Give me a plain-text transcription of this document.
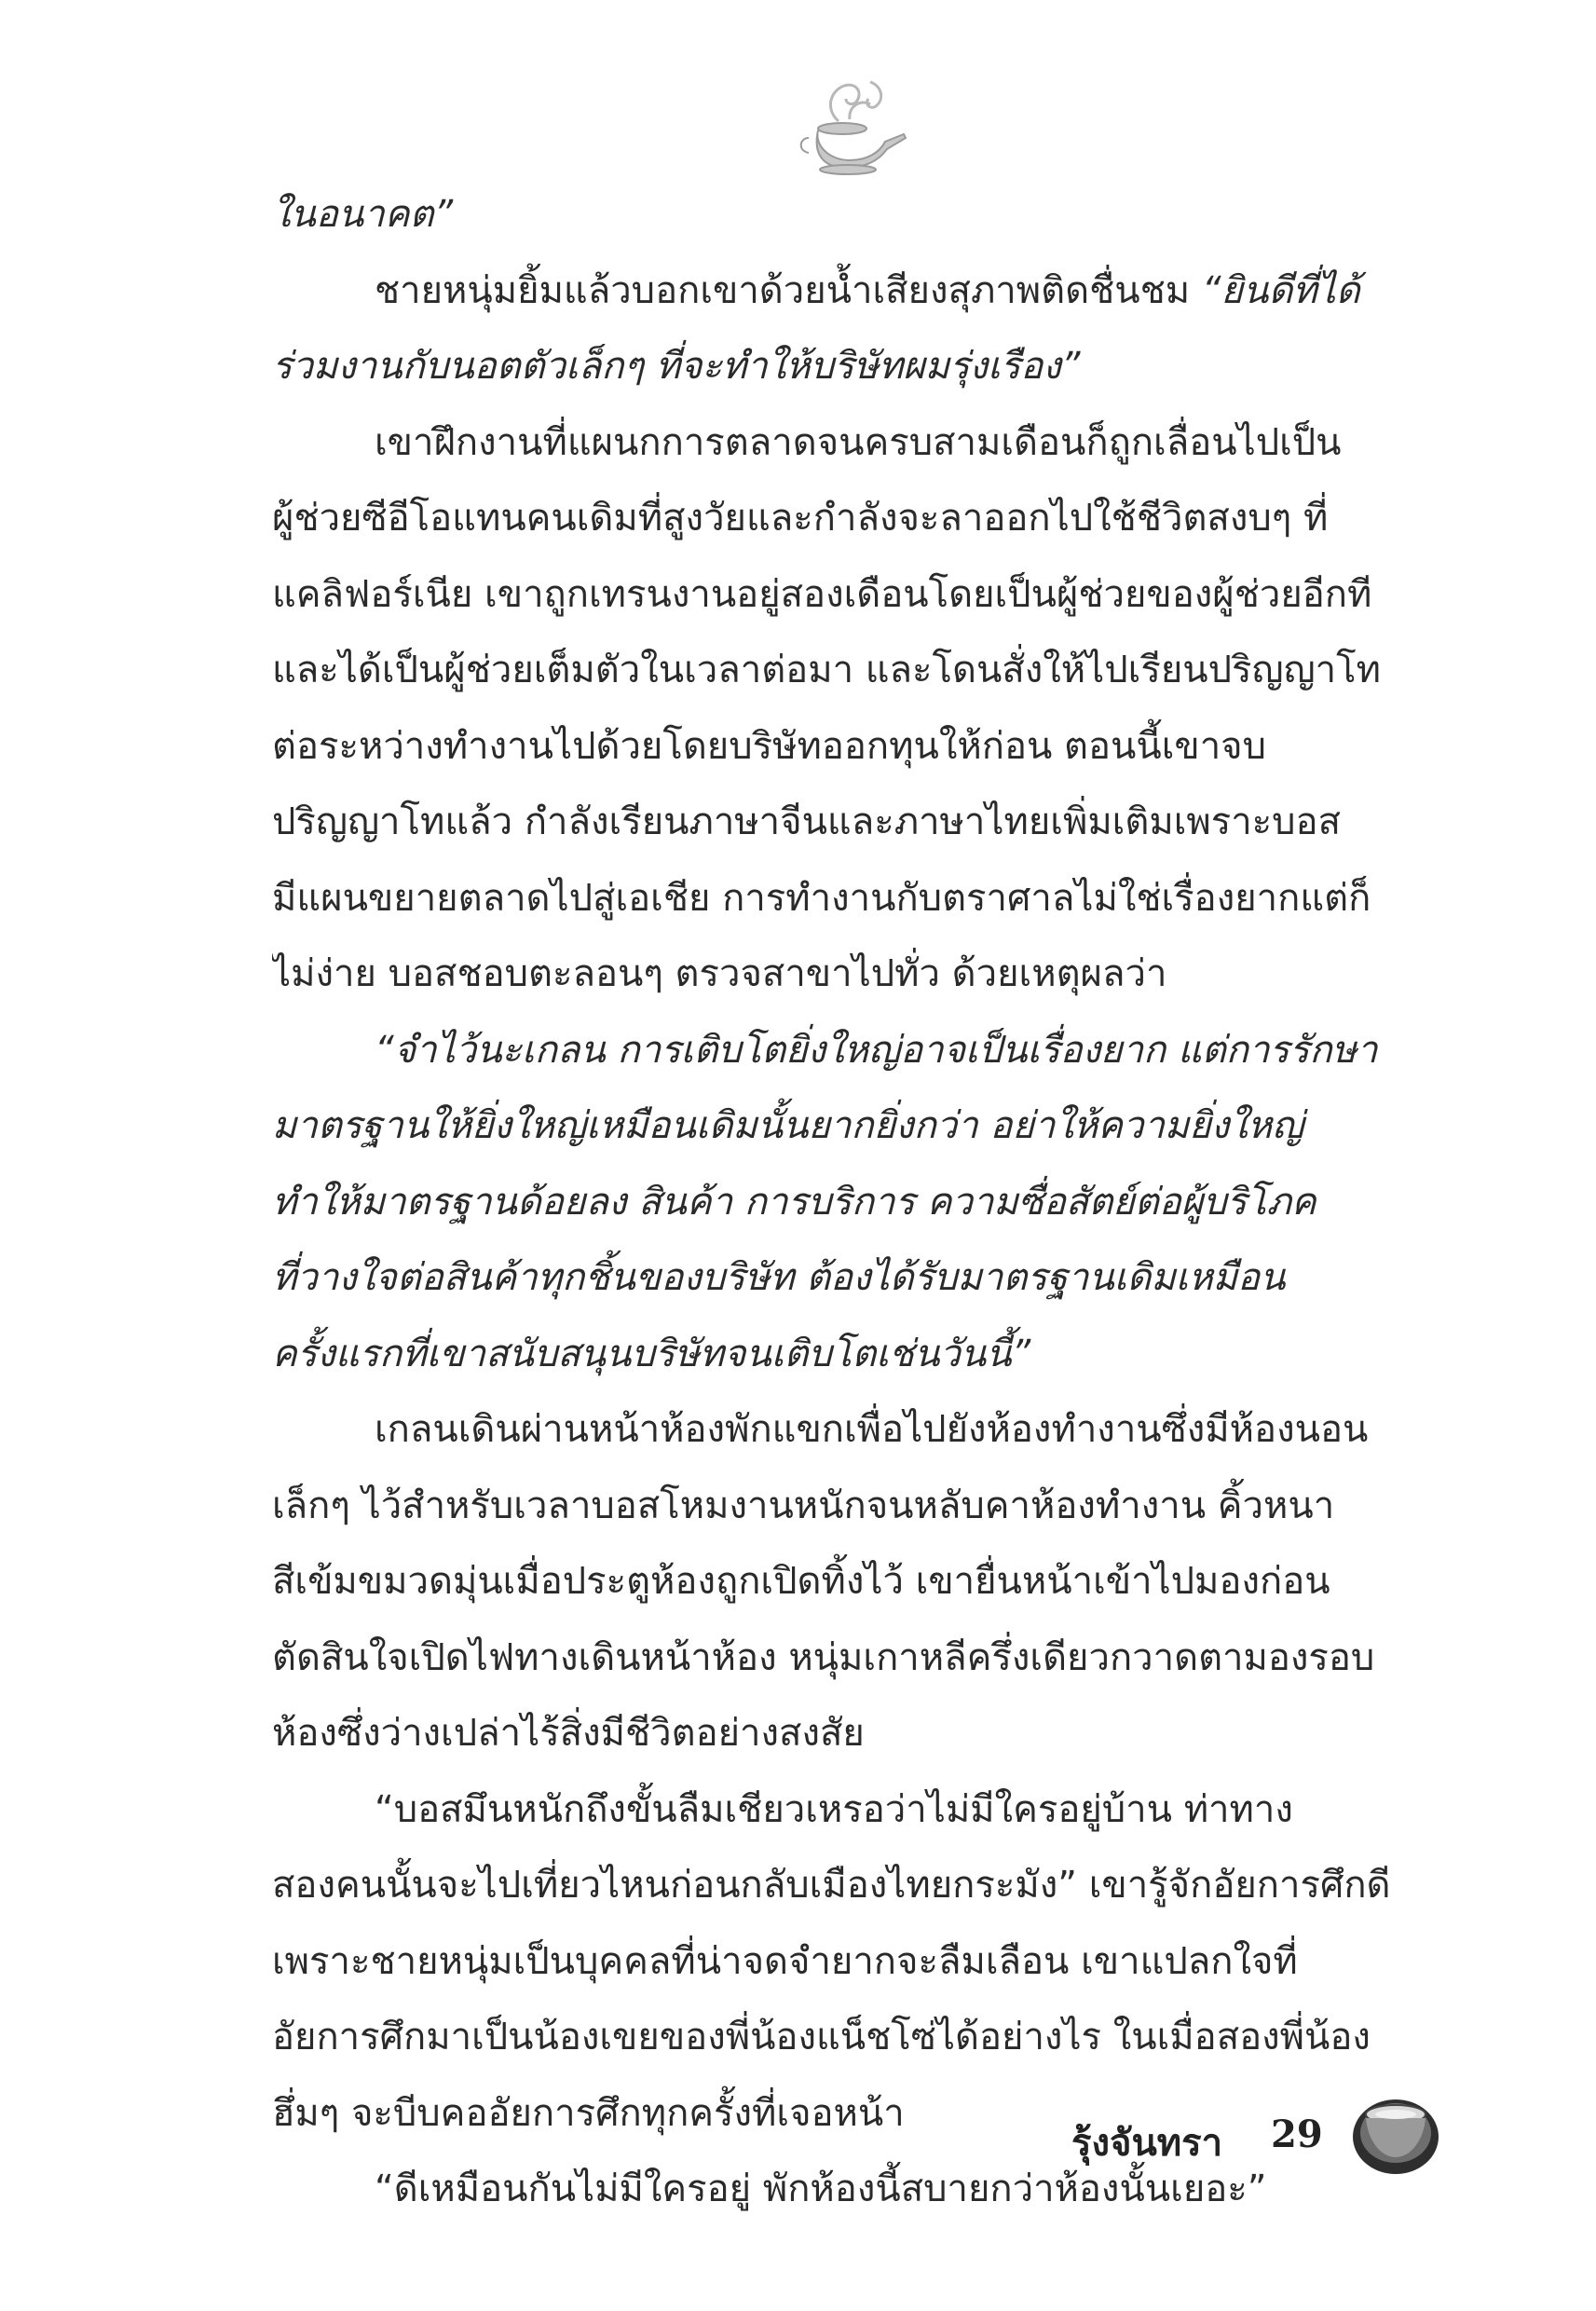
ในอนาคต”
ชายหนุ่มยิ้มแล้วบอกเขาด้วยน้ำเสียงสุภาพติดชื่นชม “ยินดีที่ได้
ร่วมงานกับนอตตัวเล็กๆ ที่จะทำให้บริษัทผมรุ่งเรือง”
เขาฝึกงานที่แผนกการตลาดจนครบสามเดือนก็ถูกเลื่อนไปเป็น
ผู้ช่วยซีอีโอแทนคนเดิมที่สูงวัยและกำลังจะลาออกไปใช้ชีวิตสงบๆ ที่
แคลิฟอร์เนีย เขาถูกเทรนงานอยู่สองเดือนโดยเป็นผู้ช่วยของผู้ช่วยอีกที
และได้เป็นผู้ช่วยเต็มตัวในเวลาต่อมา และโดนสั่งให้ไปเรียนปริญญาโท
ต่อระหว่างทำงานไปด้วยโดยบริษัทออกทุนให้ก่อน ตอนนี้เขาจบ
ปริญญาโทแล้ว กำลังเรียนภาษาจีนและภาษาไทยเพิ่มเติมเพราะบอส
มีแผนขยายตลาดไปสู่เอเชีย การทำงานกับตราศาลไม่ใช่เรื่องยากแต่ก็
ไม่ง่าย บอสชอบตะลอนๆ ตรวจสาขาไปทั่ว ด้วยเหตุผลว่า
“จำไว้นะเกลน การเติบโตยิ่งใหญ่อาจเป็นเรื่องยาก แต่การรักษา
มาตรฐานให้ยิ่งใหญ่เหมือนเดิมนั้นยากยิ่งกว่า อย่าให้ความยิ่งใหญ่
ทำให้มาตรฐานด้อยลง สินค้า การบริการ ความซื่อสัตย์ต่อผู้บริโภค
ที่วางใจต่อสินค้าทุกชิ้นของบริษัท ต้องได้รับมาตรฐานเดิมเหมือน
ครั้งแรกที่เขาสนับสนุนบริษัทจนเติบโตเช่นวันนี้”
เกลนเดินผ่านหน้าห้องพักแขกเพื่อไปยังห้องทำงานซึ่งมีห้องนอน
เล็กๆ ไว้สำหรับเวลาบอสโหมงานหนักจนหลับคาห้องทำงาน คิ้วหนา
สีเข้มขมวดมุ่นเมื่อประตูห้องถูกเปิดทิ้งไว้ เขายื่นหน้าเข้าไปมองก่อน
ตัดสินใจเปิดไฟทางเดินหน้าห้อง หนุ่มเกาหลีครึ่งเดียวกวาดตามองรอบ
ห้องซึ่งว่างเปล่าไร้สิ่งมีชีวิตอย่างสงสัย
“บอสมึนหนักถึงขั้นลืมเชียวเหรอว่าไม่มีใครอยู่บ้าน ท่าทาง
สองคนนั้นจะไปเที่ยวไหนก่อนกลับเมืองไทยกระมัง” เขารู้จักอัยการศึกดี
เพราะชายหนุ่มเป็นบุคคลที่น่าจดจำยากจะลืมเลือน เขาแปลกใจที่
อัยการศึกมาเป็นน้องเขยของพี่น้องแน็ชโซ่ได้อย่างไร ในเมื่อสองพี่น้อง
ฮึ่มๆ จะบีบคออัยการศึกทุกครั้งที่เจอหน้า
“ดีเหมือนกันไม่มีใครอยู่ พักห้องนี้สบายกว่าห้องนั้นเยอะ”
รุ้งจันทรา 29
